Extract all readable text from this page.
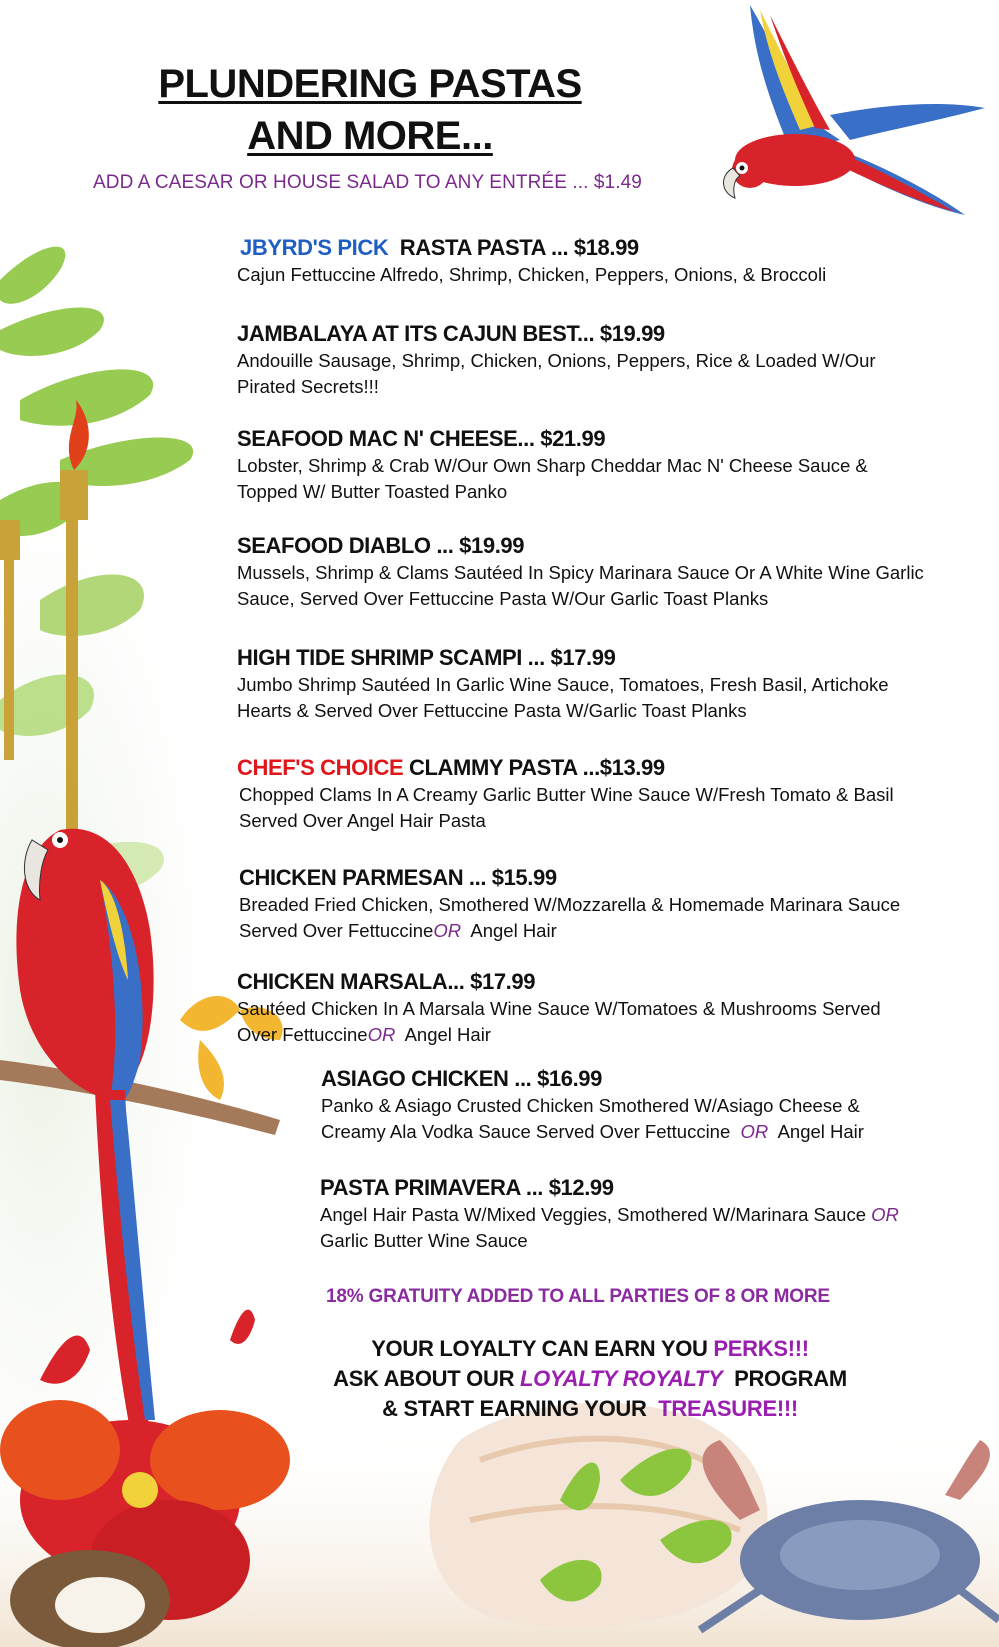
PLUNDERING PASTAS
AND MORE...
ADD A CAESAR OR HOUSE SALAD TO ANY ENTRÉE ... $1.49
JBYRD'S PICK RASTA PASTA ... $18.99
Cajun Fettuccine Alfredo, Shrimp, Chicken, Peppers, Onions, & Broccoli
JAMBALAYA AT ITS CAJUN BEST... $19.99
Andouille Sausage, Shrimp, Chicken, Onions, Peppers, Rice & Loaded W/Our Pirated Secrets!!!
SEAFOOD MAC N' CHEESE... $21.99
Lobster, Shrimp & Crab W/Our Own Sharp Cheddar Mac N' Cheese Sauce & Topped W/ Butter Toasted Panko
SEAFOOD DIABLO ... $19.99
Mussels, Shrimp & Clams Sautéed In Spicy Marinara Sauce Or A White Wine Garlic Sauce, Served Over Fettuccine Pasta W/Our Garlic Toast Planks
HIGH TIDE SHRIMP SCAMPI ... $17.99
Jumbo Shrimp Sautéed In Garlic Wine Sauce, Tomatoes, Fresh Basil, Artichoke Hearts & Served Over Fettuccine Pasta W/Garlic Toast Planks
CHEF'S CHOICE CLAMMY PASTA ...$13.99
Chopped Clams In A Creamy Garlic Butter Wine Sauce W/Fresh Tomato & Basil Served Over Angel Hair Pasta
CHICKEN PARMESAN ... $15.99
Breaded Fried Chicken, Smothered W/Mozzarella & Homemade Marinara Sauce Served Over FettuccineOR Angel Hair
CHICKEN MARSALA... $17.99
Sautéed Chicken In A Marsala Wine Sauce W/Tomatoes & Mushrooms Served Over FettuccineOR Angel Hair
ASIAGO CHICKEN ... $16.99
Panko & Asiago Crusted Chicken Smothered W/Asiago Cheese & Creamy Ala Vodka Sauce Served Over Fettuccine OR Angel Hair
PASTA PRIMAVERA ... $12.99
Angel Hair Pasta W/Mixed Veggies, Smothered W/Marinara Sauce OR  Garlic Butter Wine Sauce
18% GRATUITY ADDED TO ALL PARTIES OF 8 OR MORE
YOUR LOYALTY CAN EARN YOU PERKS!!!
ASK ABOUT OUR LOYALTY ROYALTY PROGRAM
& START EARNING YOUR TREASURE!!!
